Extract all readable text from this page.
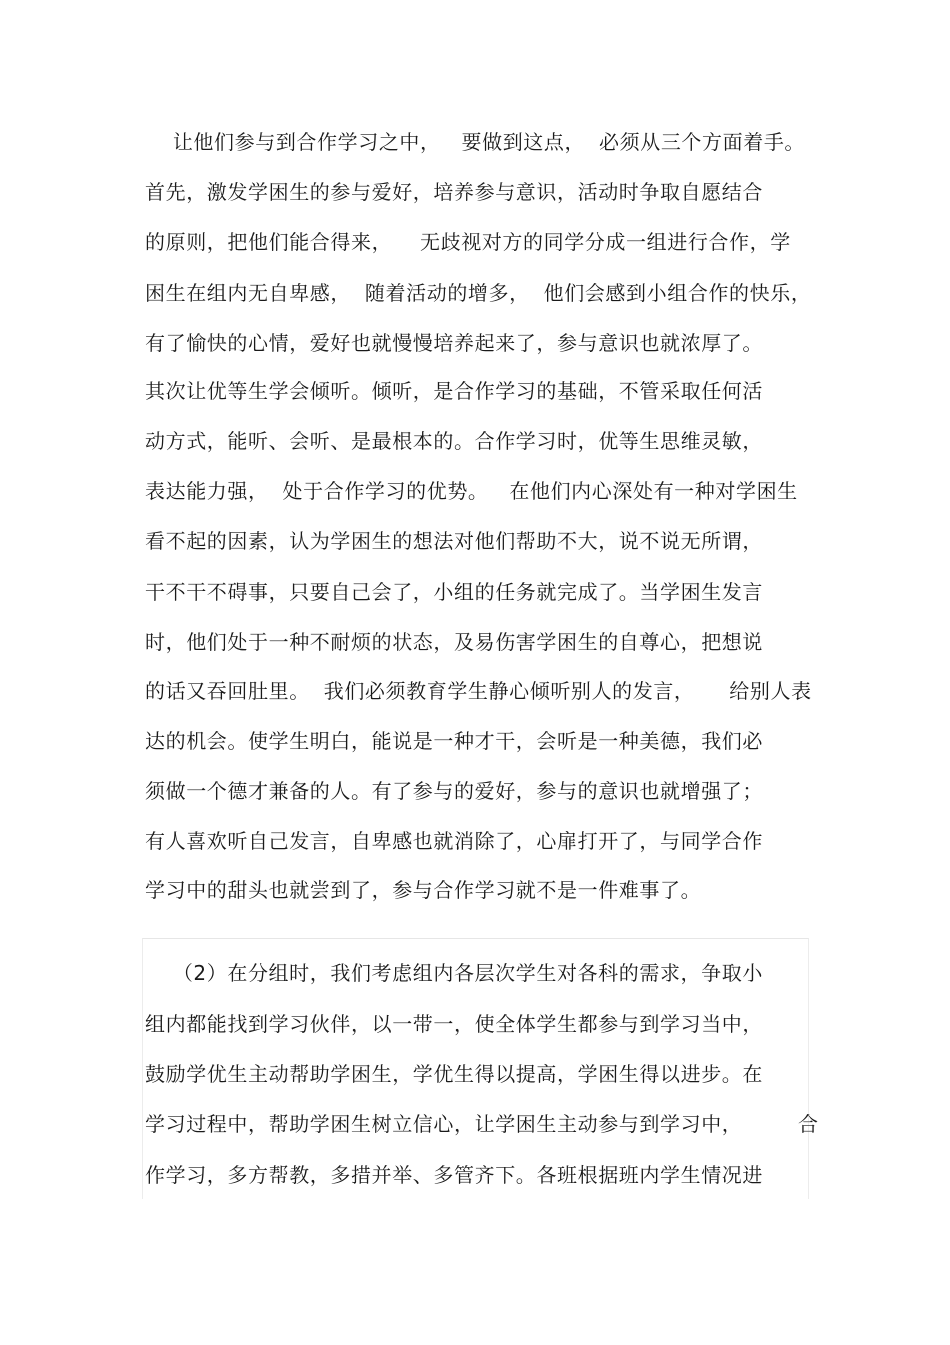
让他们参与到合作学习之中，   要做到这点，  必须从三个方面着手。
首先，激发学困生的参与爱好，培养参与意识，活动时争取自愿结合
的原则，把他们能合得来，    无歧视对方的同学分成一组进行合作，学
困生在组内无自卑感，  随着活动的增多，  他们会感到小组合作的快乐，
有了愉快的心情，爱好也就慢慢培养起来了，参与意识也就浓厚了。
其次让优等生学会倾听。倾听，是合作学习的基础，不管采取任何活
动方式，能听、会听、是最根本的。合作学习时，优等生思维灵敏，
表达能力强，  处于合作学习的优势。   在他们内心深处有一种对学困生
看不起的因素，认为学困生的想法对他们帮助不大，说不说无所谓，
干不干不碍事，只要自己会了，小组的任务就完成了。当学困生发言
时，他们处于一种不耐烦的状态，及易伤害学困生的自尊心，把想说
的话又吞回肚里。  我们必须教育学生静心倾听别人的发言，     给别人表
达的机会。使学生明白，能说是一种才干，会听是一种美德，我们必
须做一个德才兼备的人。有了参与的爱好，参与的意识也就增强了；
有人喜欢听自己发言，自卑感也就消除了，心扉打开了，与同学合作
学习中的甜头也就尝到了，参与合作学习就不是一件难事了。
（2）在分组时，我们考虑组内各层次学生对各科的需求，争取小
组内都能找到学习伙伴，以一带一，使全体学生都参与到学习当中，
鼓励学优生主动帮助学困生，学优生得以提高，学困生得以进步。在
学习过程中，帮助学困生树立信心，让学困生主动参与到学习中，        合
作学习，多方帮教，多措并举、多管齐下。各班根据班内学生情况进
